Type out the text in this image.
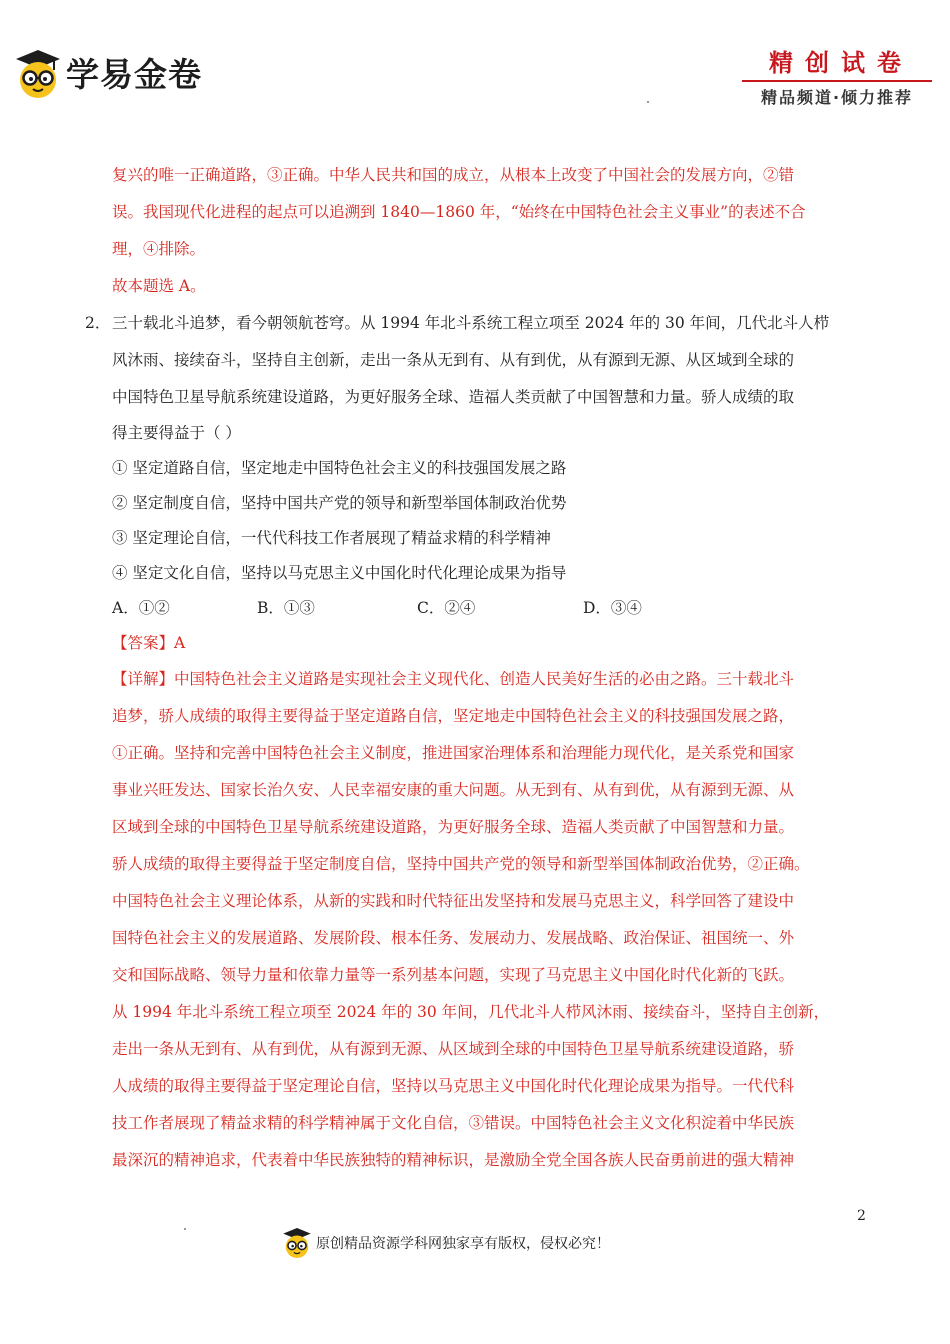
学易金卷	精创试卷
精品频道·倾力推荐
复兴的唯一正确道路，③正确。中华人民共和国的成立，从根本上改变了中国社会的发展方向，②错
误。我国现代化进程的起点可以追溯到 1840—1860 年，“始终在中国特色社会主义事业”的表述不合
理，④排除。
故本题选 A。
2． 三十载北斗追梦，看今朝领航苍穹。从 1994 年北斗系统工程立项至 2024 年的 30 年间，几代北斗人栉
风沐雨、接续奋斗，坚持自主创新，走出一条从无到有、从有到优，从有源到无源、从区域到全球的
中国特色卫星导航系统建设道路，为更好服务全球、造福人类贡献了中国智慧和力量。骄人成绩的取
得主要得益于（ ）
① 坚定道路自信，坚定地走中国特色社会主义的科技强国发展之路
② 坚定制度自信，坚持中国共产党的领导和新型举国体制政治优势
③ 坚定理论自信，一代代科技工作者展现了精益求精的科学精神
④ 坚定文化自信，坚持以马克思主义中国化时代化理论成果为指导
A．①②	B．①③	C．②④	D．③④
【答案】A
【详解】中国特色社会主义道路是实现社会主义现代化、创造人民美好生活的必由之路。三十载北斗
追梦，骄人成绩的取得主要得益于坚定道路自信，坚定地走中国特色社会主义的科技强国发展之路，
①正确。坚持和完善中国特色社会主义制度，推进国家治理体系和治理能力现代化，是关系党和国家
事业兴旺发达、国家长治久安、人民幸福安康的重大问题。从无到有、从有到优，从有源到无源、从
区域到全球的中国特色卫星导航系统建设道路，为更好服务全球、造福人类贡献了中国智慧和力量。
骄人成绩的取得主要得益于坚定制度自信，坚持中国共产党的领导和新型举国体制政治优势，②正确。
中国特色社会主义理论体系，从新的实践和时代特征出发坚持和发展马克思主义，科学回答了建设中
国特色社会主义的发展道路、发展阶段、根本任务、发展动力、发展战略、政治保证、祖国统一、外
交和国际战略、领导力量和依靠力量等一系列基本问题，实现了马克思主义中国化时代化新的飞跃。
从 1994 年北斗系统工程立项至 2024 年的 30 年间，几代北斗人栉风沐雨、接续奋斗，坚持自主创新，
走出一条从无到有、从有到优，从有源到无源、从区域到全球的中国特色卫星导航系统建设道路，骄
人成绩的取得主要得益于坚定理论自信，坚持以马克思主义中国化时代化理论成果为指导。一代代科
技工作者展现了精益求精的科学精神属于文化自信，③错误。中国特色社会主义文化积淀着中华民族
最深沉的精神追求，代表着中华民族独特的精神标识，是激励全党全国各族人民奋勇前进的强大精神
2
原创精品资源学科网独家享有版权，侵权必究！
